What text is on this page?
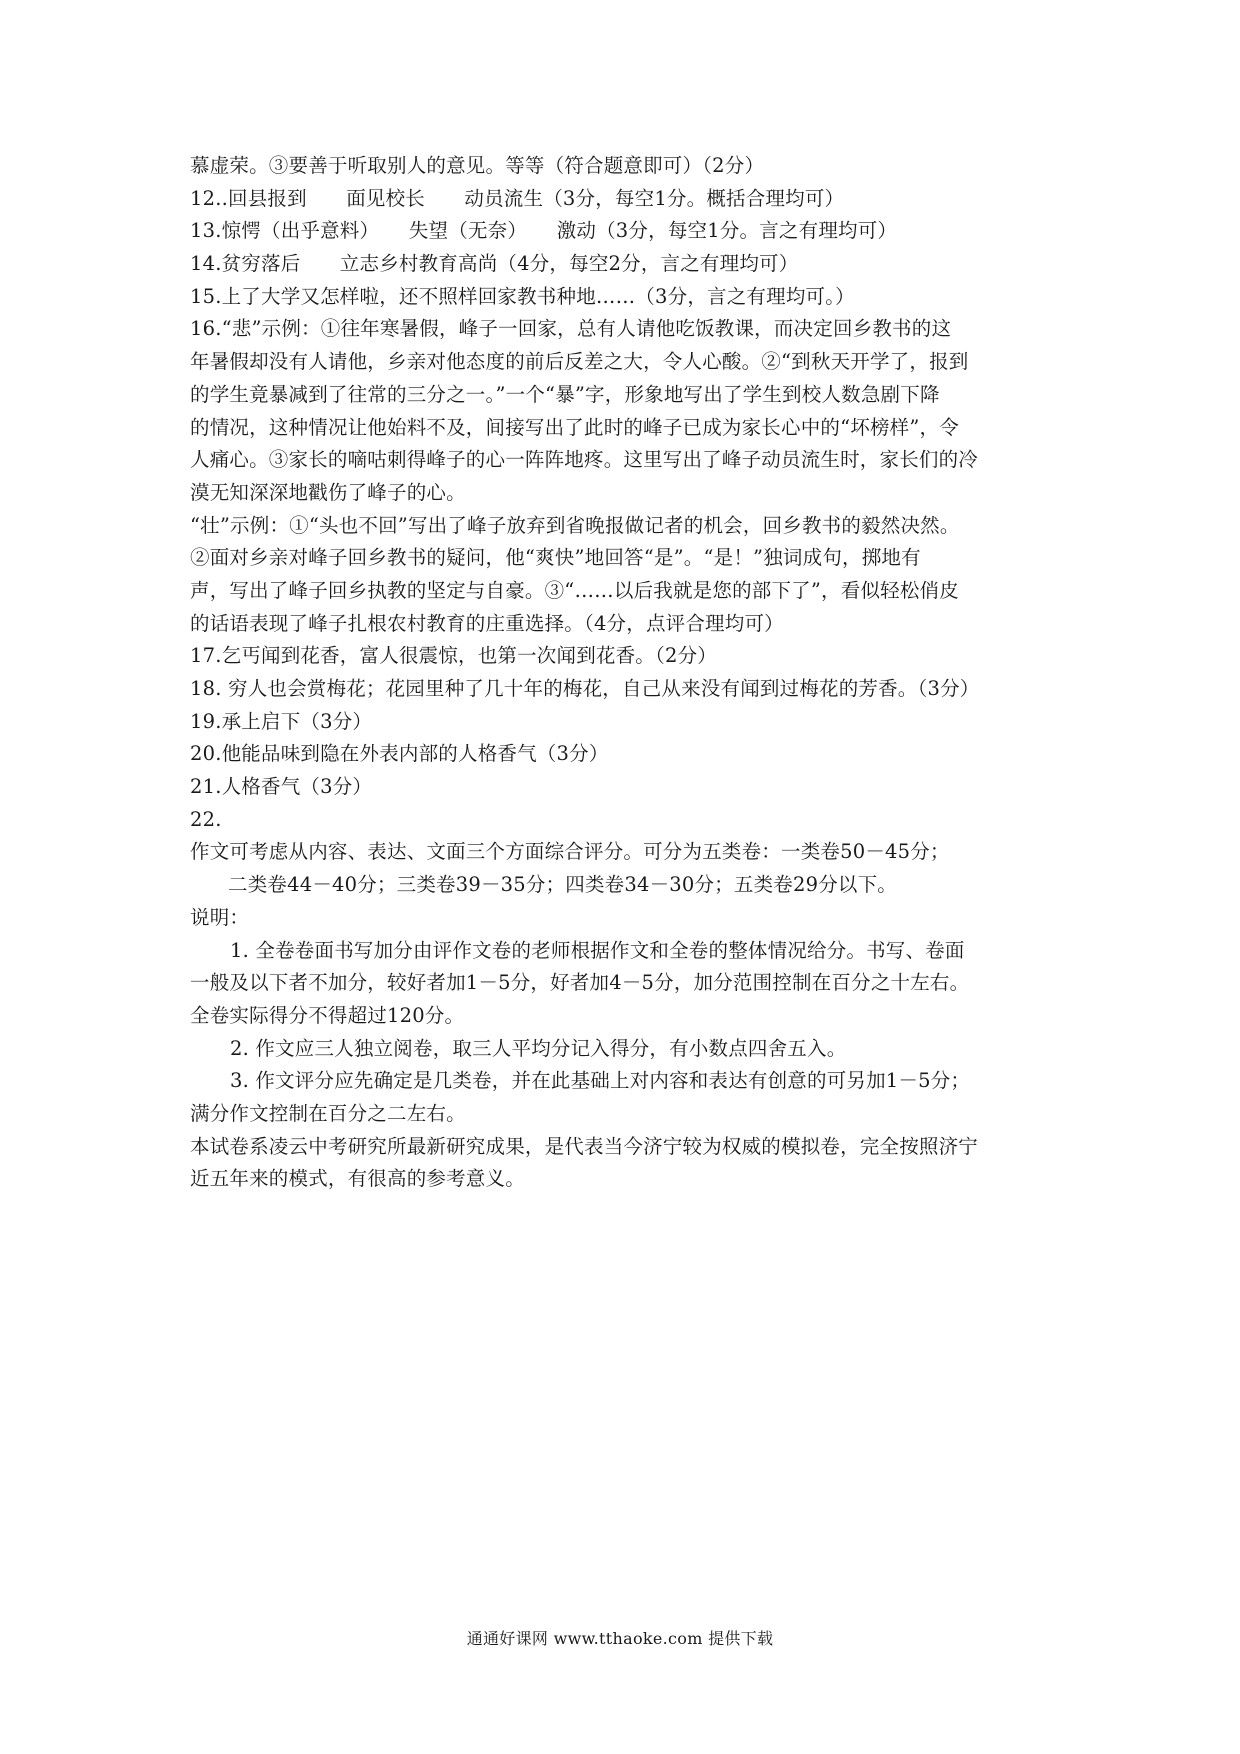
慕虚荣。③要善于听取别人的意见。等等（符合题意即可）（2分）
12..回县报到　　面见校长　　动员流生（3分，每空1分。概括合理均可）
13.惊愕（出乎意料）　　失望（无奈）　　激动（3分，每空1分。言之有理均可）
14.贫穷落后　　立志乡村教育高尚（4分，每空2分，言之有理均可）
15.上了大学又怎样啦，还不照样回家教书种地……（3分，言之有理均可。）
16.“悲”示例：①往年寒暑假，峰子一回家，总有人请他吃饭教课，而决定回乡教书的这
年暑假却没有人请他，乡亲对他态度的前后反差之大，令人心酸。②“到秋天开学了，报到
的学生竟暴减到了往常的三分之一。”一个“暴”字，形象地写出了学生到校人数急剧下降
的情况，这种情况让他始料不及，间接写出了此时的峰子已成为家长心中的“坏榜样”，令
人痛心。③家长的嘀咕刺得峰子的心一阵阵地疼。这里写出了峰子动员流生时，家长们的冷
漠无知深深地戳伤了峰子的心。
“壮”示例：①“头也不回”写出了峰子放弃到省晚报做记者的机会，回乡教书的毅然决然。
②面对乡亲对峰子回乡教书的疑问，他“爽快”地回答“是”。“是！”独词成句，掷地有
声，写出了峰子回乡执教的坚定与自豪。③“……以后我就是您的部下了”，看似轻松俏皮
的话语表现了峰子扎根农村教育的庄重选择。（4分，点评合理均可）
17.乞丐闻到花香，富人很震惊，也第一次闻到花香。（2分）
18. 穷人也会赏梅花；花园里种了几十年的梅花，自己从来没有闻到过梅花的芳香。（3分）
19.承上启下（3分）
20.他能品味到隐在外表内部的人格香气（3分）
21.人格香气（3分）
22.
作文可考虑从内容、表达、文面三个方面综合评分。可分为五类卷：一类卷50－45分；
二类卷44－40分；三类卷39－35分；四类卷34－30分；五类卷29分以下。
说明：
1. 全卷卷面书写加分由评作文卷的老师根据作文和全卷的整体情况给分。书写、卷面
一般及以下者不加分，较好者加1－5分，好者加4－5分，加分范围控制在百分之十左右。
全卷实际得分不得超过120分。
2. 作文应三人独立阅卷，取三人平均分记入得分，有小数点四舍五入。
3. 作文评分应先确定是几类卷，并在此基础上对内容和表达有创意的可另加1－5分；
满分作文控制在百分之二左右。
本试卷系凌云中考研究所最新研究成果，是代表当今济宁较为权威的模拟卷，完全按照济宁
近五年来的模式，有很高的参考意义。
通通好课网 www.tthaoke.com 提供下载
